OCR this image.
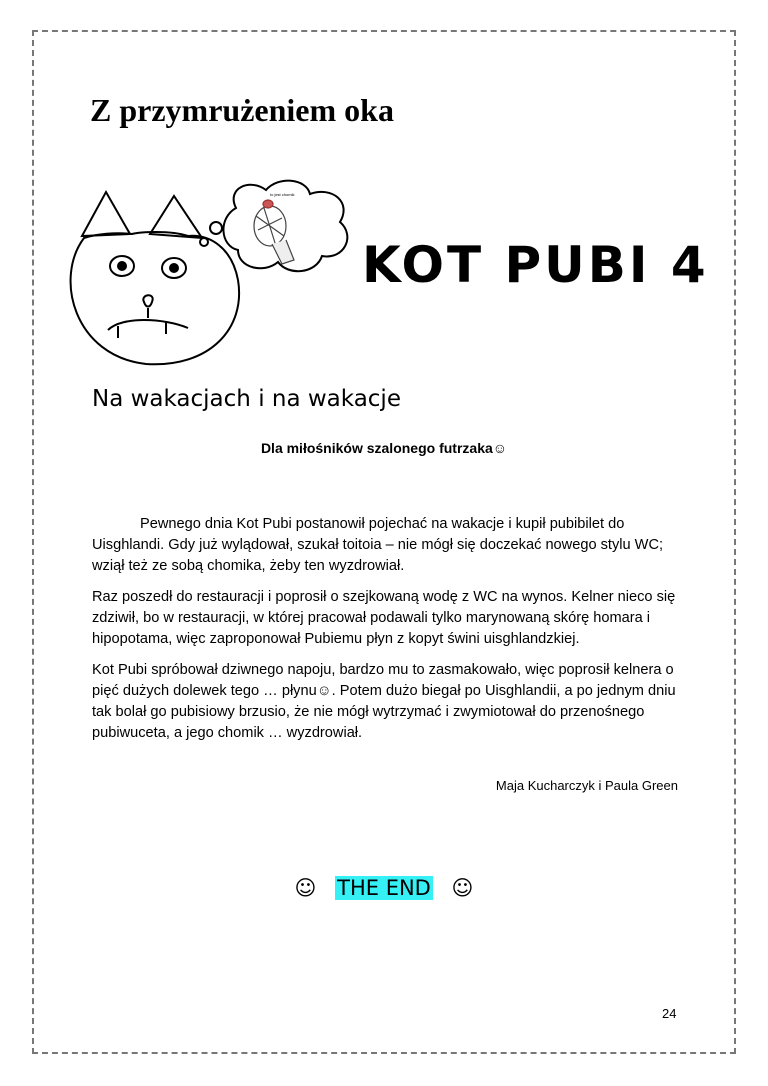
Z przymrużeniem oka
to jest chomik
KOT PUBI 4
Na wakacjach i na wakacje

Dla miłośników szalonego futrzaka☺

Pewnego dnia Kot Pubi postanowił pojechać na wakacje i kupił pubibilet do Uisghlandi. Gdy już wylądował, szukał toitoia – nie mógł się doczekać nowego stylu WC; wziął też ze sobą chomika, żeby ten wyzdrowiał.

Raz poszedł do restauracji i poprosił o szejkowaną wodę z WC na wynos. Kelner nieco się zdziwił, bo w restauracji, w której pracował podawali tylko marynowaną skórę homara i hipopotama, więc zaproponował Pubiemu płyn z kopyt świni uisghlandzkiej.

Kot Pubi spróbował dziwnego napoju, bardzo mu to zasmakowało, więc poprosił kelnera o pięć dużych dolewek tego … płynu☺. Potem dużo biegał po Uisghlandii, a po jednym dniu tak bolał go pubisiowy brzusio, że nie mógł wytrzymać i zwymiotował do przenośnego pubiwuceta, a jego chomik … wyzdrowiał.

Maja Kucharczyk i Paula Green

☺ THE END ☺

24
